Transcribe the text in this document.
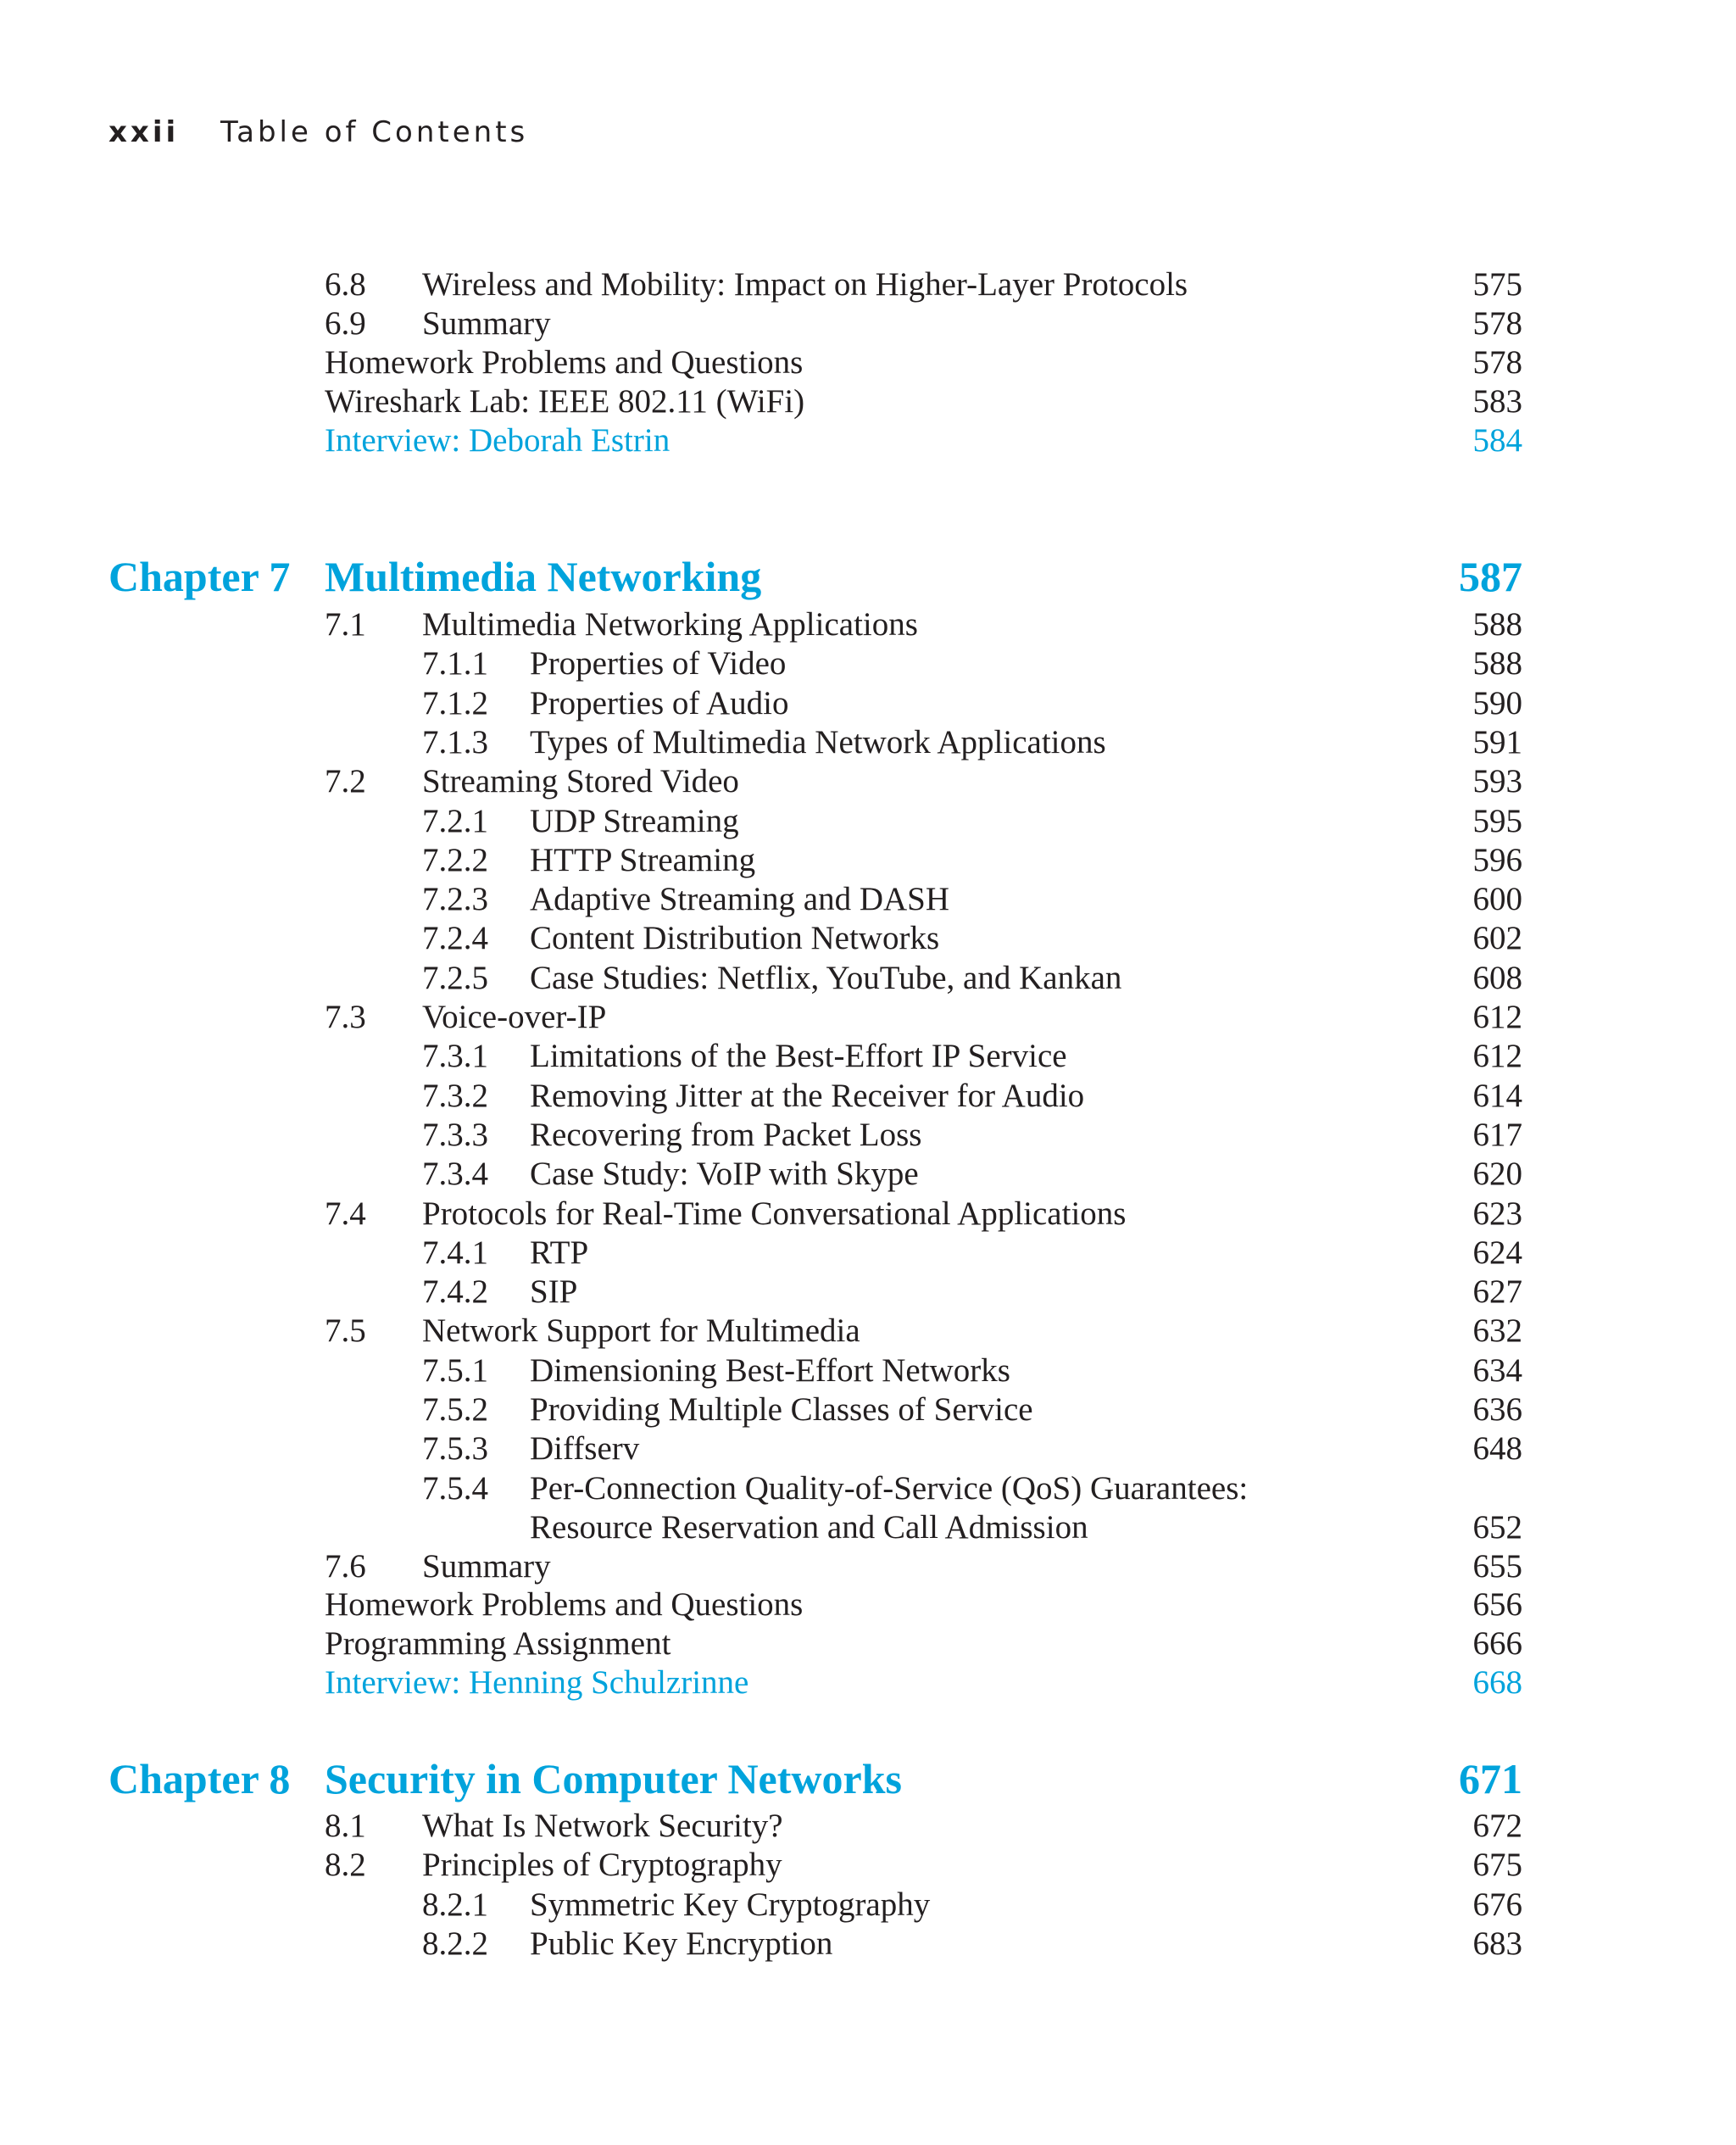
xxii Table of Contents
6.8 Wireless and Mobility: Impact on Higher-Layer Protocols	575
6.9 Summary	578
Homework Problems and Questions	578
Wireshark Lab: IEEE 802.11 (WiFi)	583
Interview: Deborah Estrin	584
Chapter 7 Multimedia Networking	587
7.1 Multimedia Networking Applications	588
7.1.1 Properties of Video	588
7.1.2 Properties of Audio	590
7.1.3 Types of Multimedia Network Applications	591
7.2 Streaming Stored Video	593
7.2.1 UDP Streaming	595
7.2.2 HTTP Streaming	596
7.2.3 Adaptive Streaming and DASH	600
7.2.4 Content Distribution Networks	602
7.2.5 Case Studies: Netflix, YouTube, and Kankan	608
7.3 Voice-over-IP	612
7.3.1 Limitations of the Best-Effort IP Service	612
7.3.2 Removing Jitter at the Receiver for Audio	614
7.3.3 Recovering from Packet Loss	617
7.3.4 Case Study: VoIP with Skype	620
7.4 Protocols for Real-Time Conversational Applications	623
7.4.1 RTP	624
7.4.2 SIP	627
7.5 Network Support for Multimedia	632
7.5.1 Dimensioning Best-Effort Networks	634
7.5.2 Providing Multiple Classes of Service	636
7.5.3 Diffserv	648
7.5.4 Per-Connection Quality-of-Service (QoS) Guarantees:
Resource Reservation and Call Admission	652
7.6 Summary	655
Homework Problems and Questions	656
Programming Assignment	666
Interview: Henning Schulzrinne	668
Chapter 8 Security in Computer Networks	671
8.1 What Is Network Security?	672
8.2 Principles of Cryptography	675
8.2.1 Symmetric Key Cryptography	676
8.2.2 Public Key Encryption	683
